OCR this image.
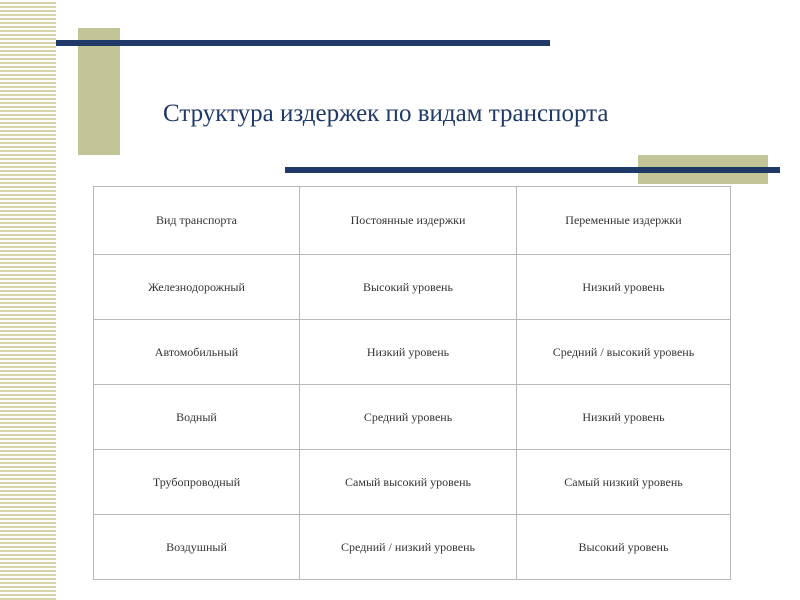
Структура издержек по видам транспорта
Вид транспорта	Постоянные издержки	Переменные издержки
Железнодорожный	Высокий уровень	Низкий уровень
Автомобильный	Низкий уровень	Средний / высокий уровень
Водный	Средний уровень	Низкий уровень
Трубопроводный	Самый высокий уровень	Самый низкий уровень
Воздушный	Средний / низкий уровень	Высокий уровень
